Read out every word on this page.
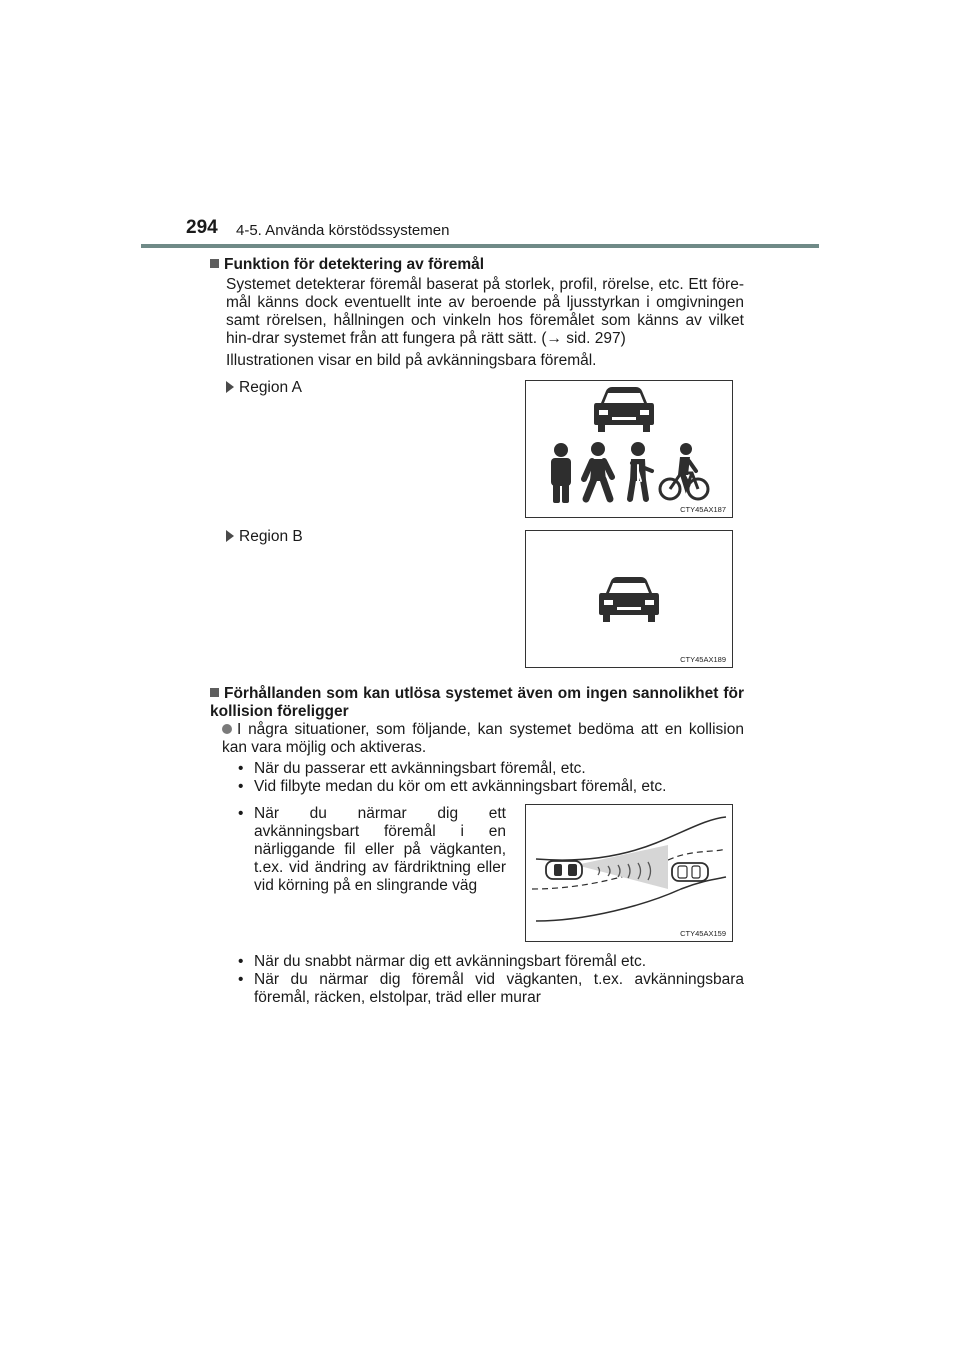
294 4-5. Använda körstödssystemen
Funktion för detektering av föremål
Systemet detekterar föremål baserat på storlek, profil, rörelse, etc. Ett före-mål känns dock eventuellt inte av beroende på ljusstyrkan i omgivningen samt rörelsen, hållningen och vinkeln hos föremålet som känns av vilket hin-drar systemet från att fungera på rätt sätt. (→ sid. 297)
Illustrationen visar en bild på avkänningsbara föremål.
Region A
CTY45AX187
Region B
CTY45AX189
Förhållanden som kan utlösa systemet även om ingen sannolikhet för kollision föreligger
I några situationer, som följande, kan systemet bedöma att en kollision kan vara möjlig och aktiveras.
• När du passerar ett avkänningsbart föremål, etc.
• Vid filbyte medan du kör om ett avkänningsbart föremål, etc.
• När du närmar dig ett avkänningsbart föremål i en närliggande fil eller på vägkanten, t.ex. vid ändring av färdriktning eller vid körning på en slingrande väg
CTY45AX159
• När du snabbt närmar dig ett avkänningsbart föremål etc.
• När du närmar dig föremål vid vägkanten, t.ex. avkänningsbara föremål, räcken, elstolpar, träd eller murar
